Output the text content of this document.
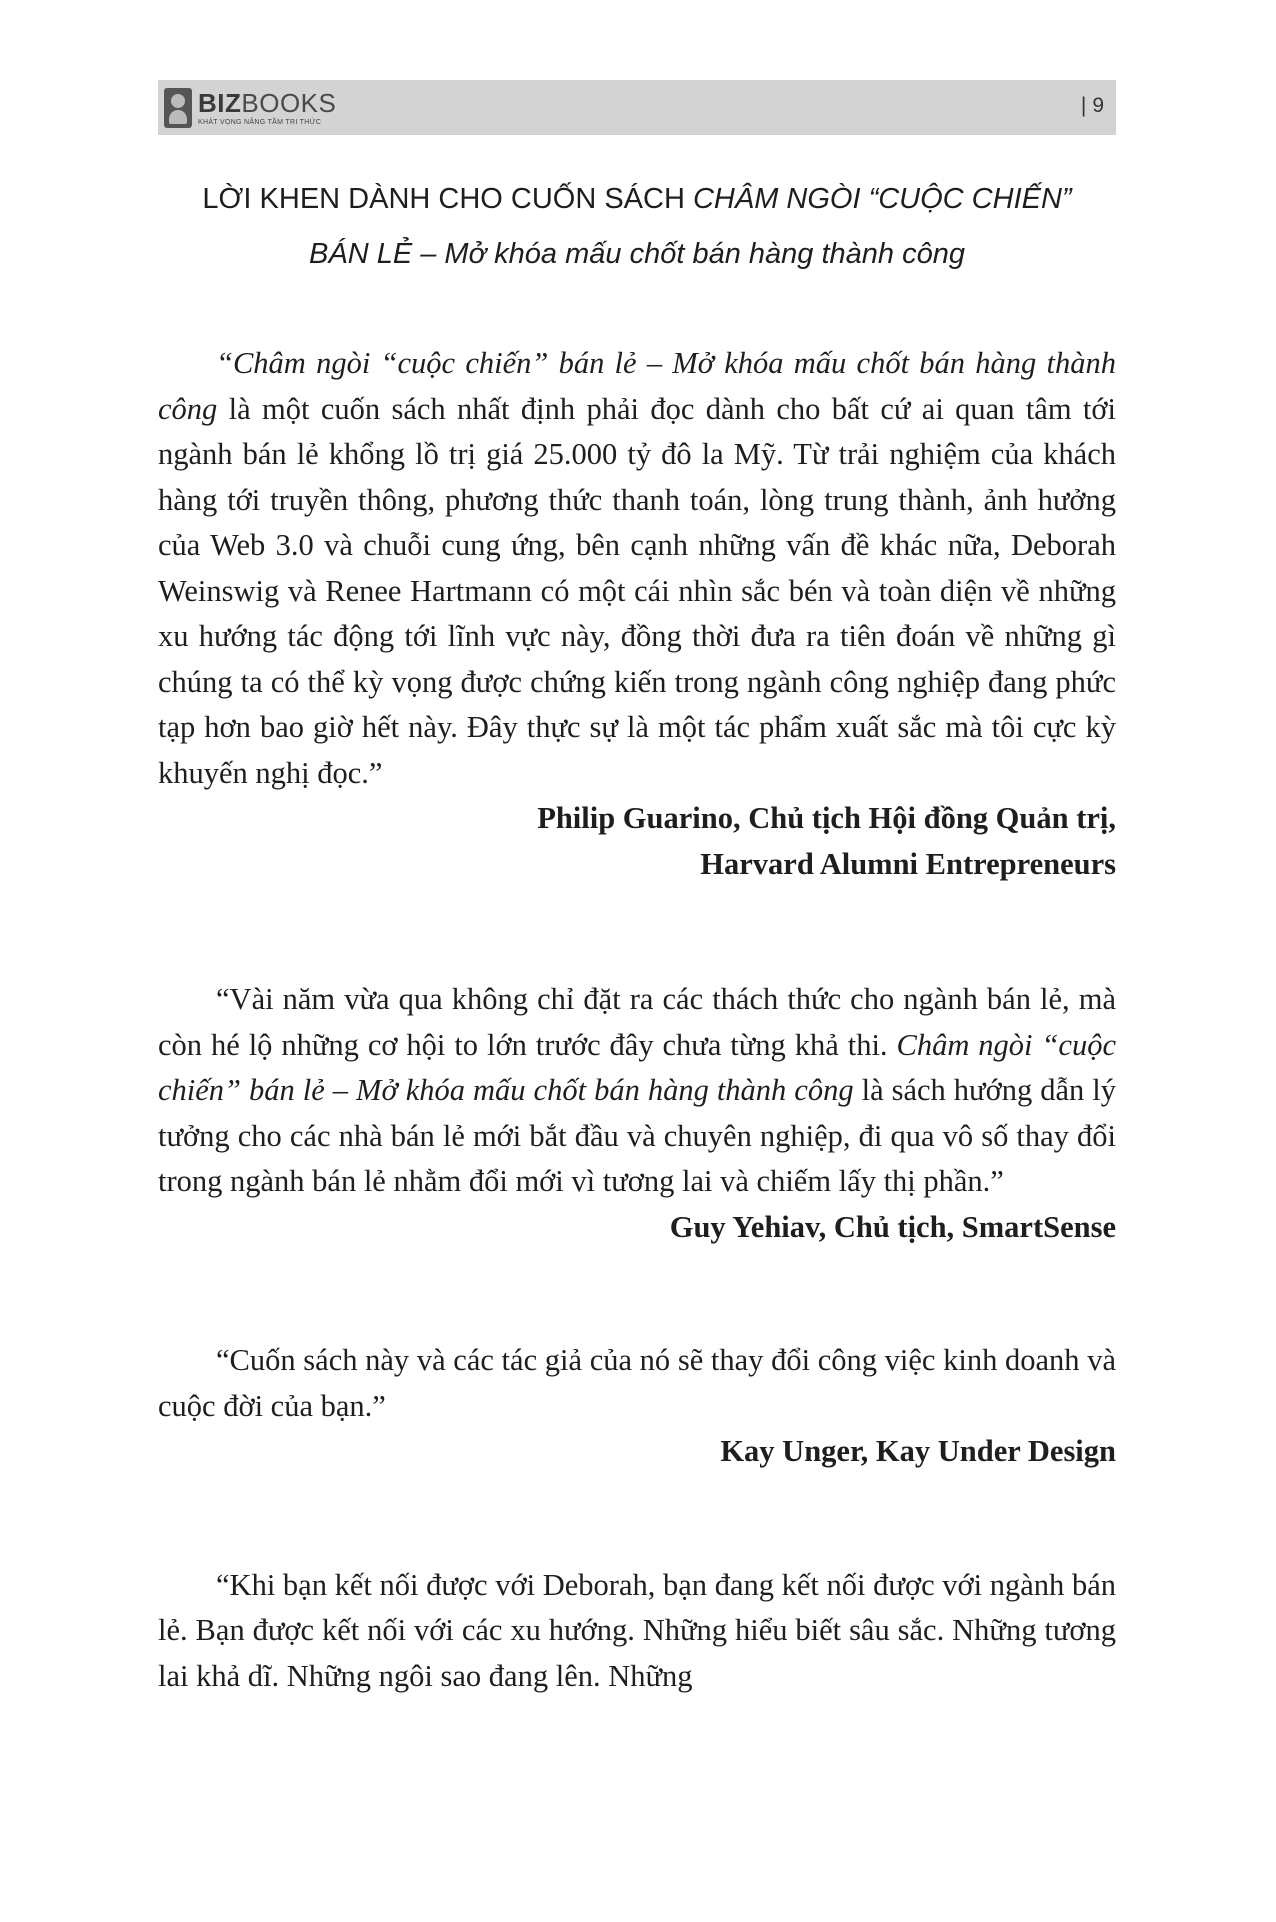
BIZBOOKS
KHÁT VỌNG NÂNG TẦM TRI THỨC
| 9
LỜI KHEN DÀNH CHO CUỐN SÁCH CHÂM NGÒI “CUỘC CHIẾN”
BÁN LẺ – Mở khóa mấu chốt bán hàng thành công

“Châm ngòi “cuộc chiến” bán lẻ – Mở khóa mấu chốt bán hàng thành công là một cuốn sách nhất định phải đọc dành cho bất cứ ai quan tâm tới ngành bán lẻ khổng lồ trị giá 25.000 tỷ đô la Mỹ. Từ trải nghiệm của khách hàng tới truyền thông, phương thức thanh toán, lòng trung thành, ảnh hưởng của Web 3.0 và chuỗi cung ứng, bên cạnh những vấn đề khác nữa, Deborah Weinswig và Renee Hartmann có một cái nhìn sắc bén và toàn diện về những xu hướng tác động tới lĩnh vực này, đồng thời đưa ra tiên đoán về những gì chúng ta có thể kỳ vọng được chứng kiến trong ngành công nghiệp đang phức tạp hơn bao giờ hết này. Đây thực sự là một tác phẩm xuất sắc mà tôi cực kỳ khuyến nghị đọc.”

Philip Guarino, Chủ tịch Hội đồng Quản trị,
Harvard Alumni Entrepreneurs

“Vài năm vừa qua không chỉ đặt ra các thách thức cho ngành bán lẻ, mà còn hé lộ những cơ hội to lớn trước đây chưa từng khả thi. Châm ngòi “cuộc chiến” bán lẻ – Mở khóa mấu chốt bán hàng thành công là sách hướng dẫn lý tưởng cho các nhà bán lẻ mới bắt đầu và chuyên nghiệp, đi qua vô số thay đổi trong ngành bán lẻ nhằm đổi mới vì tương lai và chiếm lấy thị phần.”

Guy Yehiav, Chủ tịch, SmartSense

“Cuốn sách này và các tác giả của nó sẽ thay đổi công việc kinh doanh và cuộc đời của bạn.”

Kay Unger, Kay Under Design

“Khi bạn kết nối được với Deborah, bạn đang kết nối được với ngành bán lẻ. Bạn được kết nối với các xu hướng. Những hiểu biết sâu sắc. Những tương lai khả dĩ. Những ngôi sao đang lên. Những
